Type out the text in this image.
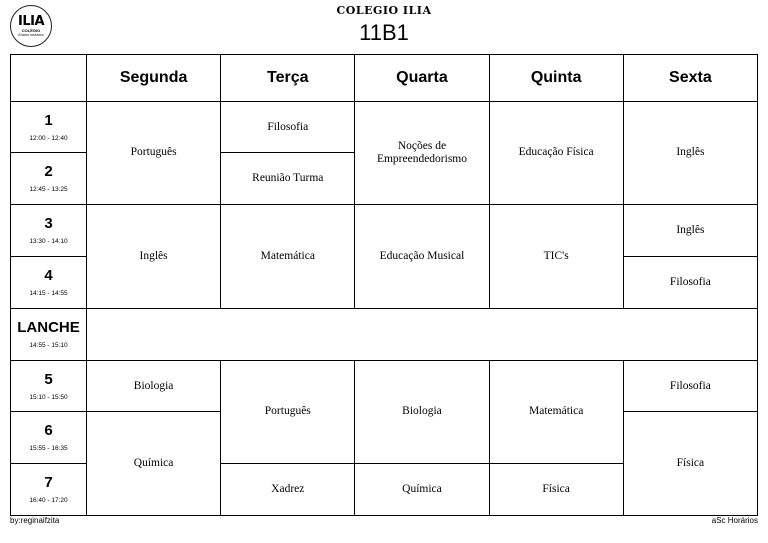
ILIA
COLÉGIO
Ensino Inclusivo
COLEGIO ILIA
11B1
	Segunda	Terça	Quarta	Quinta	Sexta

1
12:00 - 12:40	Português	Filosofia	Noções de Empreendedorismo	Educação Física	Inglês

2
12:45 - 13:25		Reunião Turma			

3
13:30 - 14:10	Inglês	Matemática	Educação Musical	TIC's	Inglês

4
14:15 - 14:55					Filosofia

LANCHE
14:55 - 15:10					

5
15:10 - 15:50	Biologia	Português	Biologia	Matemática	Filosofia

6
15:55 - 16:35	Química				Física

7
16:40 - 17:20		Xadrez	Química	Física	
by:reginaifzita	aSc Horários
